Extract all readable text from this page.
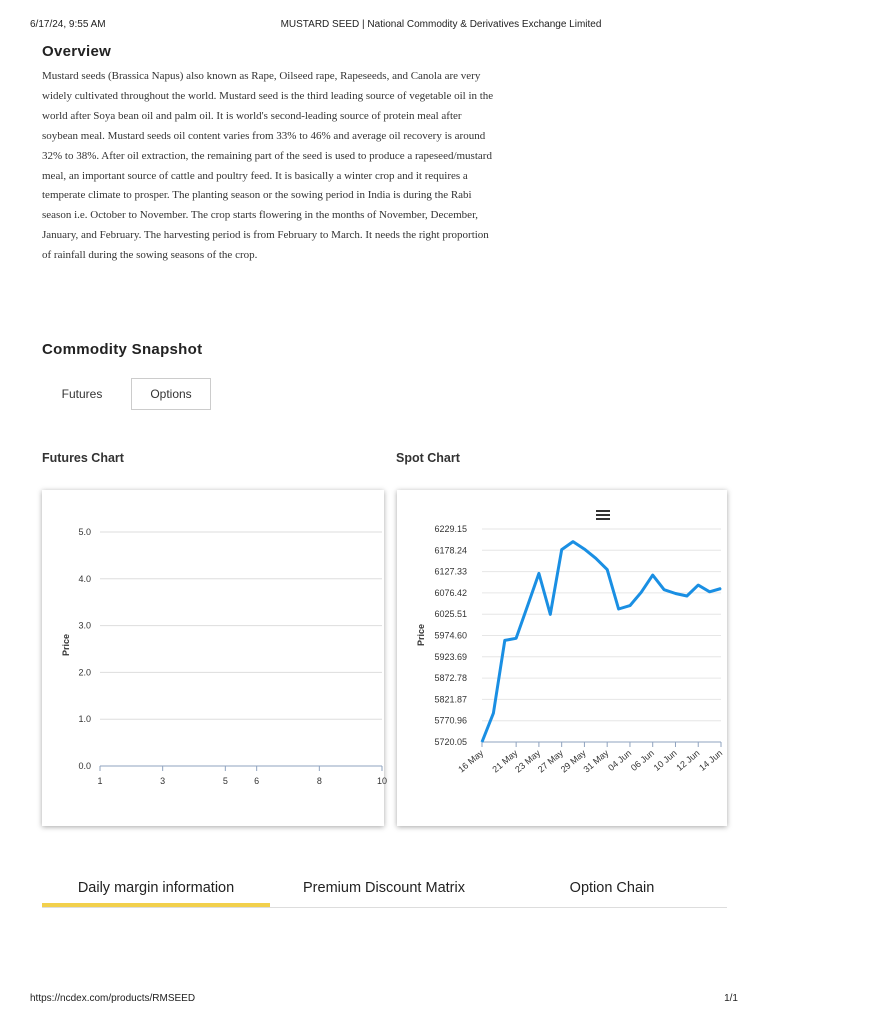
6/17/24, 9:55 AM	MUSTARD SEED | National Commodity & Derivatives Exchange Limited
Overview
Mustard seeds (Brassica Napus) also known as Rape, Oilseed rape, Rapeseeds, and Canola are very widely cultivated throughout the world. Mustard seed is the third leading source of vegetable oil in the world after Soya bean oil and palm oil. It is world's second-leading source of protein meal after soybean meal. Mustard seeds oil content varies from 33% to 46% and average oil recovery is around 32% to 38%. After oil extraction, the remaining part of the seed is used to produce a rapeseed/mustard meal, an important source of cattle and poultry feed. It is basically a winter crop and it requires a temperate climate to prosper. The planting season or the sowing period in India is during the Rabi season i.e. October to November. The crop starts flowering in the months of November, December, January, and February. The harvesting period is from February to March. It needs the right proportion of rainfall during the sowing seasons of the crop.
Commodity Snapshot
Futures	Options
Futures Chart	Spot Chart
0.0
1.0
2.0
3.0
4.0
5.0
1	3	5	6	8	10
Price
5720.05
5770.96
5821.87
5872.78
5923.69
5974.60
6025.51
6076.42
6127.33
6178.24
6229.15
16 May 21 May
23 May
27 May
29 May
31 May
04 Jun
06 Jun
10 Jun
12 Jun
14 Jun
Price
Daily margin information	Premium Discount Matrix	Option Chain
https://ncdex.com/products/RMSEED	1/1
